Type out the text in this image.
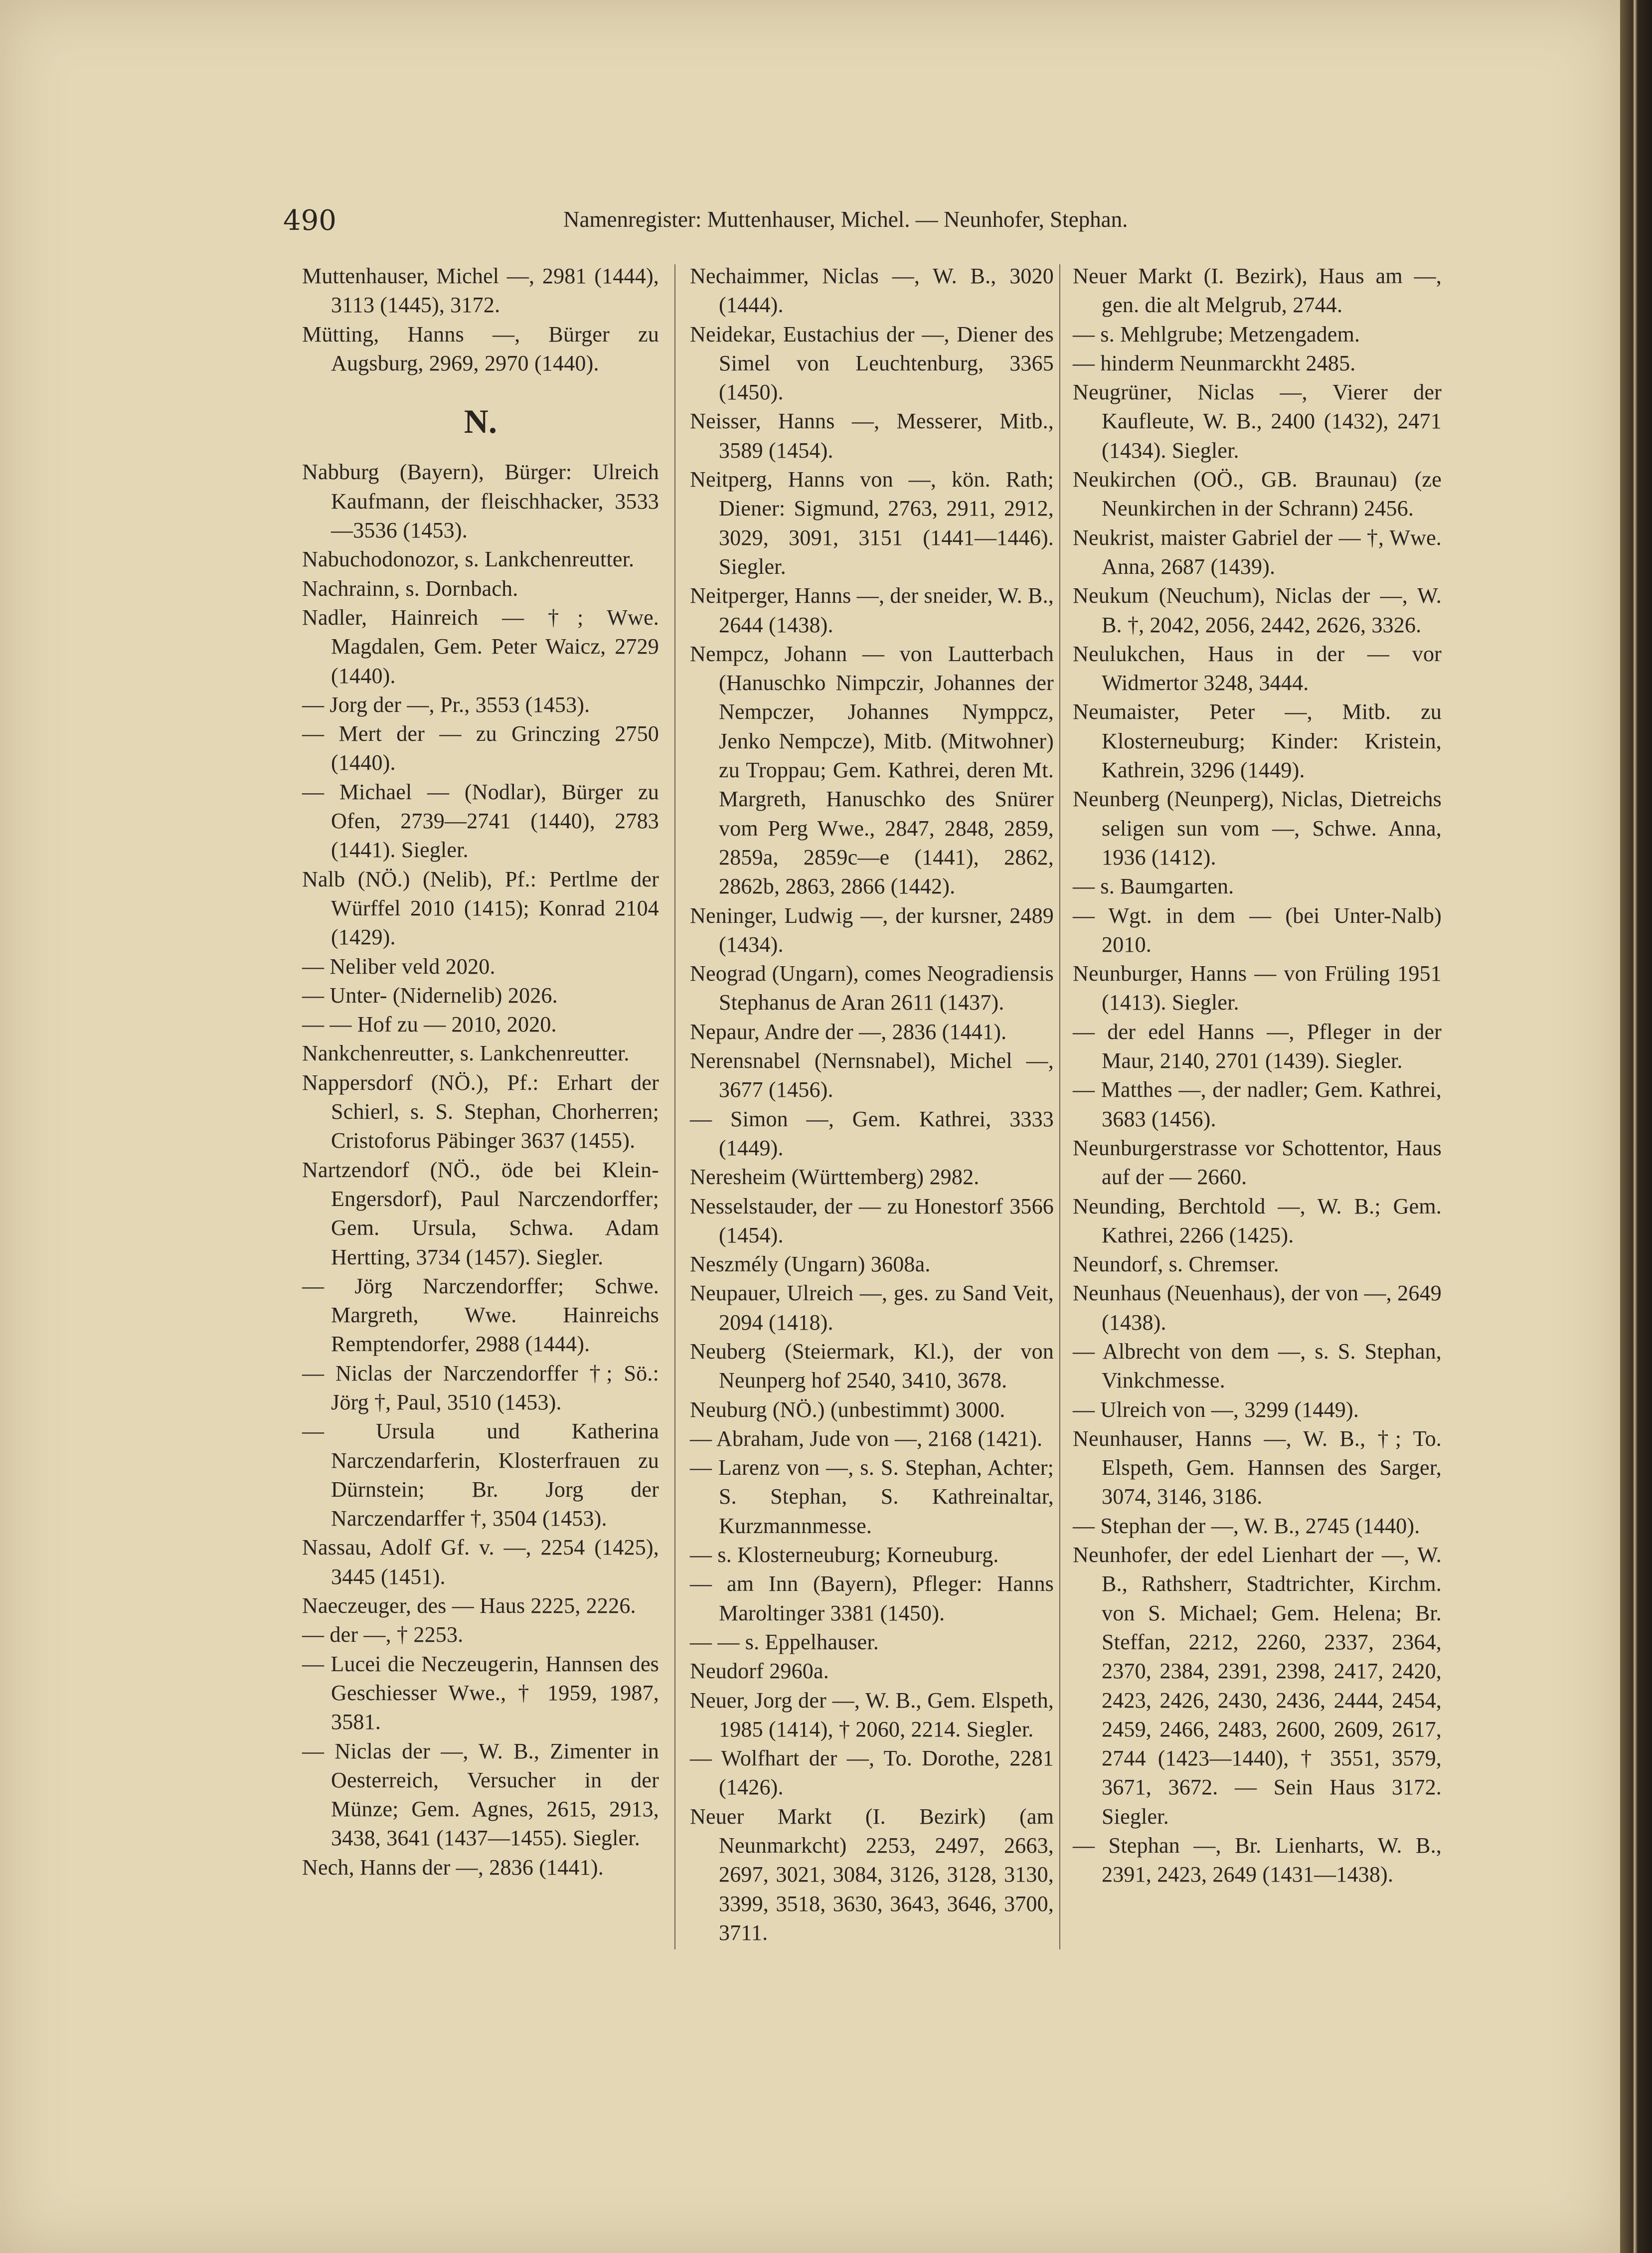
490	Namenregister: Muttenhauser, Michel. — Neunhofer, Stephan.

Muttenhauser, Michel —, 2981 (1444), 3113 (1445), 3172.

Mütting, Hanns —, Bürger zu Augsburg, 2969, 2970 (1440).

N.

Nabburg (Bayern), Bürger: Ulreich Kaufmann, der fleischhacker, 3533 —3536 (1453).

Nabuchodonozor, s. Lankchenreutter.

Nachrainn, s. Dornbach.

Nadler, Hainreich — †; Wwe. Magdalen, Gem. Peter Waicz, 2729 (1440).

— Jorg der —, Pr., 3553 (1453).

— Mert der — zu Grinczing 2750 (1440).

— Michael — (Nodlar), Bürger zu Ofen, 2739—2741 (1440), 2783 (1441). Siegler.

Nalb (NÖ.) (Nelib), Pf.: Pertlme der Würffel 2010 (1415); Konrad 2104 (1429).

— Neliber veld 2020.

— Unter- (Nidernelib) 2026.

— — Hof zu — 2010, 2020.

Nankchenreutter, s. Lankchenreutter.

Nappersdorf (NÖ.), Pf.: Erhart der Schierl, s. S. Stephan, Chorherren; Cristoforus Päbinger 3637 (1455).

Nartzendorf (NÖ., öde bei Klein-Engersdorf), Paul Narczendorffer; Gem. Ursula, Schwa. Adam Hertting, 3734 (1457). Siegler.

— Jörg Narczendorffer; Schwe. Margreth, Wwe. Hainreichs Remptendorfer, 2988 (1444).

— Niclas der Narczendorffer †; Sö.: Jörg †, Paul, 3510 (1453).

— Ursula und Katherina Narczendarferin, Klosterfrauen zu Dürnstein; Br. Jorg der Narczendarffer †, 3504 (1453).

Nassau, Adolf Gf. v. —, 2254 (1425), 3445 (1451).

Naeczeuger, des — Haus 2225, 2226.

— der —, † 2253.

— Lucei die Neczeugerin, Hannsen des Geschiesser Wwe., † 1959, 1987, 3581.

— Niclas der —, W. B., Zimenter in Oesterreich, Versucher in der Münze; Gem. Agnes, 2615, 2913, 3438, 3641 (1437—1455). Siegler.

Nech, Hanns der —, 2836 (1441).

Nechaimmer, Niclas —, W. B., 3020 (1444).

Neidekar, Eustachius der —, Diener des Simel von Leuchtenburg, 3365 (1450).

Neisser, Hanns —, Messerer, Mitb., 3589 (1454).

Neitperg, Hanns von —, kön. Rath; Diener: Sigmund, 2763, 2911, 2912, 3029, 3091, 3151 (1441—1446). Siegler.

Neitperger, Hanns —, der sneider, W. B., 2644 (1438).

Nempcz, Johann — von Lautterbach (Hanuschko Nimpczir, Johannes der Nempczer, Johannes Nymppcz, Jenko Nempcze), Mitb. (Mitwohner) zu Troppau; Gem. Kathrei, deren Mt. Margreth, Hanuschko des Snürer vom Perg Wwe., 2847, 2848, 2859, 2859a, 2859c—e (1441), 2862, 2862b, 2863, 2866 (1442).

Neninger, Ludwig —, der kursner, 2489 (1434).

Neograd (Ungarn), comes Neogradiensis Stephanus de Aran 2611 (1437).

Nepaur, Andre der —, 2836 (1441).

Nerensnabel (Nernsnabel), Michel —, 3677 (1456).

— Simon —, Gem. Kathrei, 3333 (1449).

Neresheim (Württemberg) 2982.

Nesselstauder, der — zu Honestorf 3566 (1454).

Neszmély (Ungarn) 3608a.

Neupauer, Ulreich —, ges. zu Sand Veit, 2094 (1418).

Neuberg (Steiermark, Kl.), der von Neunperg hof 2540, 3410, 3678.

Neuburg (NÖ.) (unbestimmt) 3000.

— Abraham, Jude von —, 2168 (1421).

— Larenz von —, s. S. Stephan, Achter; S. Stephan, S. Kathreinaltar, Kurzmannmesse.

— s. Klosterneuburg; Korneuburg.

— am Inn (Bayern), Pfleger: Hanns Maroltinger 3381 (1450).

— — s. Eppelhauser.

Neudorf 2960a.

Neuer, Jorg der —, W. B., Gem. Elspeth, 1985 (1414), † 2060, 2214. Siegler.

— Wolfhart der —, To. Dorothe, 2281 (1426).

Neuer Markt (I. Bezirk) (am Neunmarkcht) 2253, 2497, 2663, 2697, 3021, 3084, 3126, 3128, 3130, 3399, 3518, 3630, 3643, 3646, 3700, 3711.

Neuer Markt (I. Bezirk), Haus am —, gen. die alt Melgrub, 2744.

— s. Mehlgrube; Metzengadem.

— hinderm Neunmarckht 2485.

Neugrüner, Niclas —, Vierer der Kaufleute, W. B., 2400 (1432), 2471 (1434). Siegler.

Neukirchen (OÖ., GB. Braunau) (ze Neunkirchen in der Schrann) 2456.

Neukrist, maister Gabriel der — †, Wwe. Anna, 2687 (1439).

Neukum (Neuchum), Niclas der —, W. B. †, 2042, 2056, 2442, 2626, 3326.

Neulukchen, Haus in der — vor Widmertor 3248, 3444.

Neumaister, Peter —, Mitb. zu Klosterneuburg; Kinder: Kristein, Kathrein, 3296 (1449).

Neunberg (Neunperg), Niclas, Dietreichs seligen sun vom —, Schwe. Anna, 1936 (1412).

— s. Baumgarten.

— Wgt. in dem — (bei Unter-Nalb) 2010.

Neunburger, Hanns — von Früling 1951 (1413). Siegler.

— der edel Hanns —, Pfleger in der Maur, 2140, 2701 (1439). Siegler.

— Matthes —, der nadler; Gem. Kathrei, 3683 (1456).

Neunburgerstrasse vor Schottentor, Haus auf der — 2660.

Neunding, Berchtold —, W. B.; Gem. Kathrei, 2266 (1425).

Neundorf, s. Chremser.

Neunhaus (Neuenhaus), der von —, 2649 (1438).

— Albrecht von dem —, s. S. Stephan, Vinkchmesse.

— Ulreich von —, 3299 (1449).

Neunhauser, Hanns —, W. B., †; To. Elspeth, Gem. Hannsen des Sarger, 3074, 3146, 3186.

— Stephan der —, W. B., 2745 (1440).

Neunhofer, der edel Lienhart der —, W. B., Rathsherr, Stadtrichter, Kirchm. von S. Michael; Gem. Helena; Br. Steffan, 2212, 2260, 2337, 2364, 2370, 2384, 2391, 2398, 2417, 2420, 2423, 2426, 2430, 2436, 2444, 2454, 2459, 2466, 2483, 2600, 2609, 2617, 2744 (1423—1440), † 3551, 3579, 3671, 3672. — Sein Haus 3172. Siegler.

— Stephan —, Br. Lienharts, W. B., 2391, 2423, 2649 (1431—1438).
